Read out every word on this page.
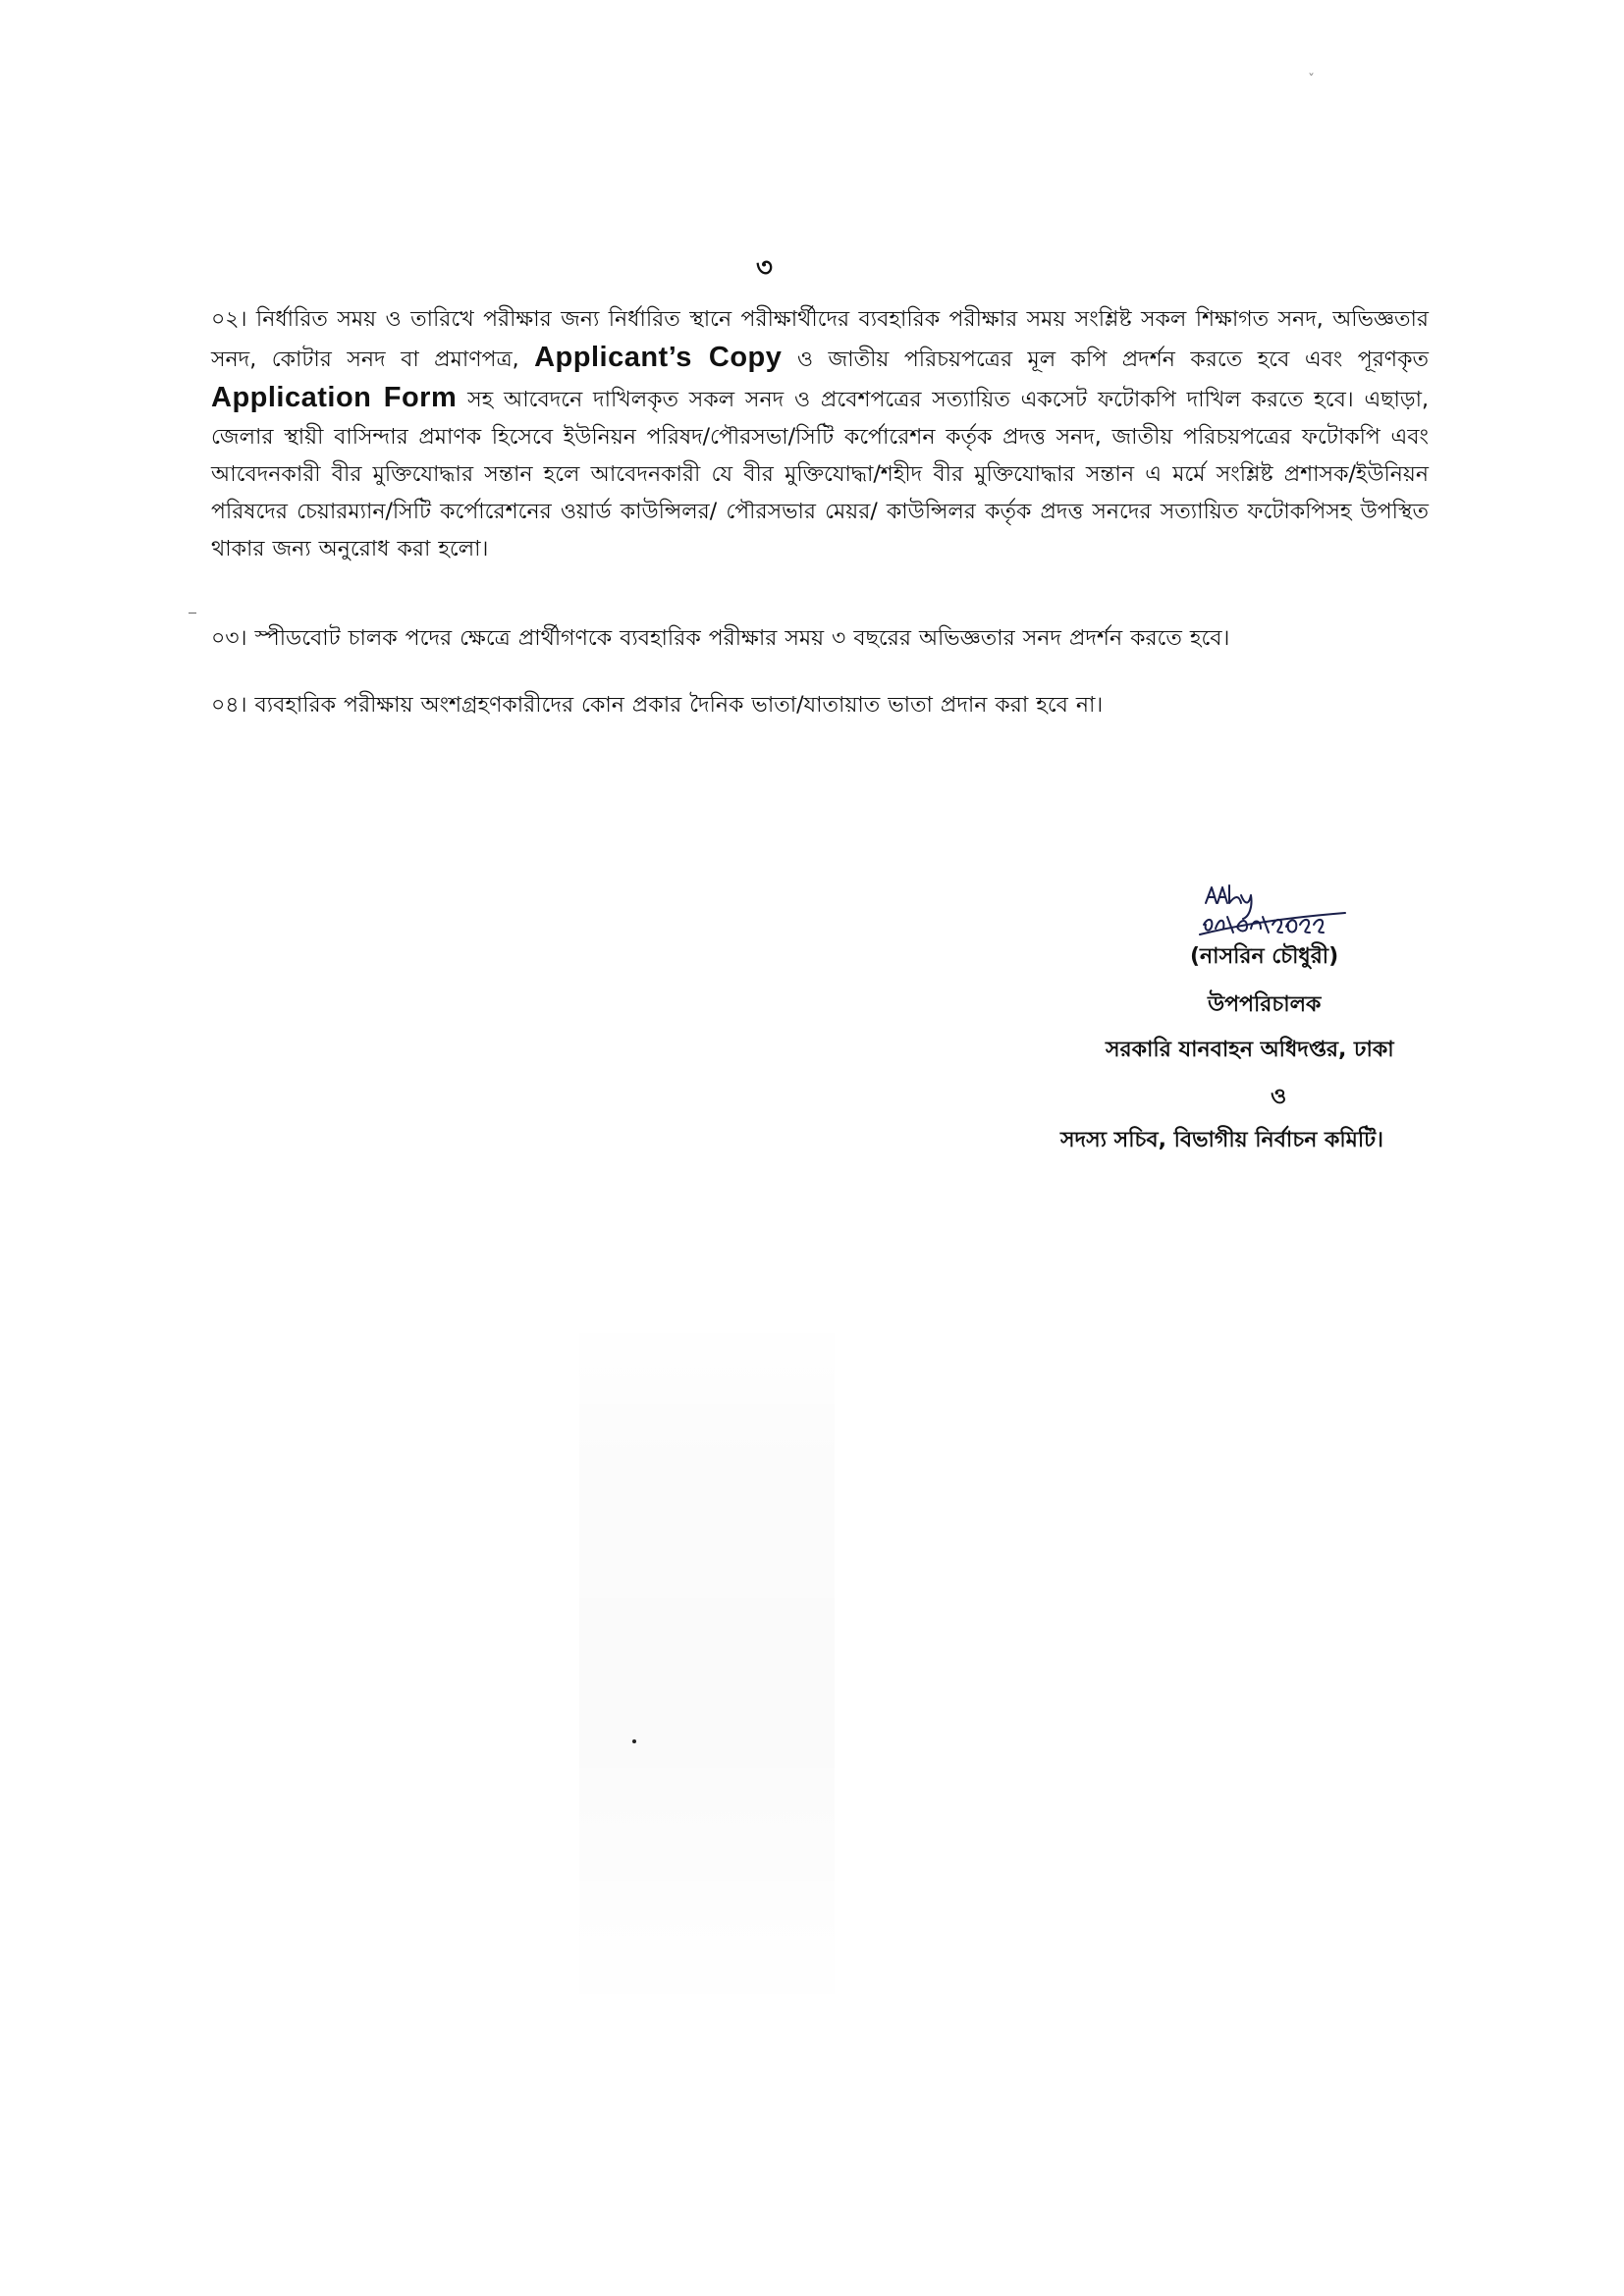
ˇ
৩

০২। নির্ধারিত সময় ও তারিখে পরীক্ষার জন্য নির্ধারিত স্থানে পরীক্ষার্থীদের ব্যবহারিক পরীক্ষার সময় সংশ্লিষ্ট সকল শিক্ষাগত সনদ, অভিজ্ঞতার সনদ, কোটার সনদ বা প্রমাণপত্র, Applicant’s Copy ও জাতীয় পরিচয়পত্রের মূল কপি প্রদর্শন করতে হবে এবং পূরণকৃত Application Form সহ আবেদনে দাখিলকৃত সকল সনদ ও প্রবেশপত্রের সত্যায়িত একসেট ফটোকপি দাখিল করতে হবে। এছাড়া, জেলার স্থায়ী বাসিন্দার প্রমাণক হিসেবে ইউনিয়ন পরিষদ/পৌরসভা/সিটি কর্পোরেশন কর্তৃক প্রদত্ত সনদ, জাতীয় পরিচয়পত্রের ফটোকপি এবং আবেদনকারী বীর মুক্তিযোদ্ধার সন্তান হলে আবেদনকারী যে বীর মুক্তিযোদ্ধা/শহীদ বীর মুক্তিযোদ্ধার সন্তান এ মর্মে সংশ্লিষ্ট প্রশাসক/ইউনিয়ন পরিষদের চেয়ারম্যান/সিটি কর্পোরেশনের ওয়ার্ড কাউন্সিলর/ পৌরসভার মেয়র/ কাউন্সিলর কর্তৃক প্রদত্ত সনদের সত্যায়িত ফটোকপিসহ উপস্থিত থাকার জন্য অনুরোধ করা হলো।

০৩। স্পীডবোট চালক পদের ক্ষেত্রে প্রার্থীগণকে ব্যবহারিক পরীক্ষার সময় ৩ বছরের অভিজ্ঞতার সনদ প্রদর্শন করতে হবে।

০৪। ব্যবহারিক পরীক্ষায় অংশগ্রহণকারীদের কোন প্রকার দৈনিক ভাতা/যাতায়াত ভাতা প্রদান করা হবে না।

(নাসরিন চৌধুরী)
উপপরিচালক
সরকারি যানবাহন অধিদপ্তর, ঢাকা
ও
সদস্য সচিব, বিভাগীয় নির্বাচন কমিটি।
